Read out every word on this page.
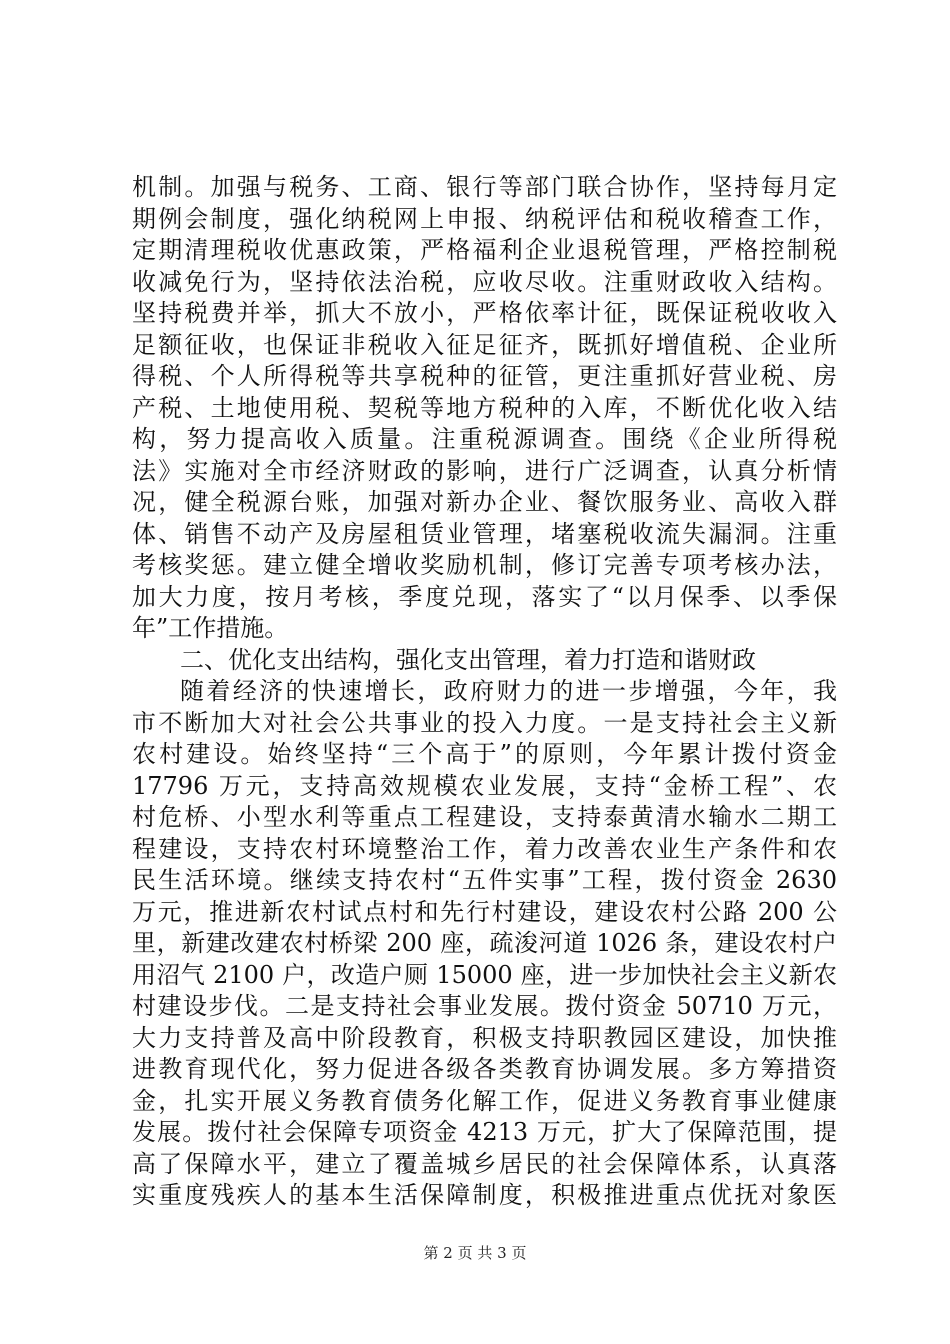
机制。加强与税务、工商、银行等部门联合协作，坚持每月定
期例会制度，强化纳税网上申报、纳税评估和税收稽查工作，
定期清理税收优惠政策，严格福利企业退税管理，严格控制税
收减免行为，坚持依法治税，应收尽收。注重财政收入结构。
坚持税费并举，抓大不放小，严格依率计征，既保证税收收入
足额征收，也保证非税收入征足征齐，既抓好增值税、企业所
得税、个人所得税等共享税种的征管，更注重抓好营业税、房
产税、土地使用税、契税等地方税种的入库，不断优化收入结
构，努力提高收入质量。注重税源调查。围绕《企业所得税
法》实施对全市经济财政的影响，进行广泛调查，认真分析情
况，健全税源台账，加强对新办企业、餐饮服务业、高收入群
体、销售不动产及房屋租赁业管理，堵塞税收流失漏洞。注重
考核奖惩。建立健全增收奖励机制，修订完善专项考核办法，
加大力度，按月考核，季度兑现，落实了“以月保季、以季保
年”工作措施。
二、优化支出结构，强化支出管理，着力打造和谐财政
随着经济的快速增长，政府财力的进一步增强，今年，我
市不断加大对社会公共事业的投入力度。一是支持社会主义新
农村建设。始终坚持“三个高于”的原则，今年累计拨付资金
17796 万元，支持高效规模农业发展，支持“金桥工程”、农
村危桥、小型水利等重点工程建设，支持泰黄清水输水二期工
程建设，支持农村环境整治工作，着力改善农业生产条件和农
民生活环境。继续支持农村“五件实事”工程，拨付资金 2630
万元，推进新农村试点村和先行村建设，建设农村公路 200 公
里，新建改建农村桥梁 200 座，疏浚河道 1026 条，建设农村户
用沼气 2100 户，改造户厕 15000 座，进一步加快社会主义新农
村建设步伐。二是支持社会事业发展。拨付资金 50710 万元，
大力支持普及高中阶段教育，积极支持职教园区建设，加快推
进教育现代化，努力促进各级各类教育协调发展。多方筹措资
金，扎实开展义务教育债务化解工作，促进义务教育事业健康
发展。拨付社会保障专项资金 4213 万元，扩大了保障范围，提
高了保障水平，建立了覆盖城乡居民的社会保障体系，认真落
实重度残疾人的基本生活保障制度，积极推进重点优抚对象医
第 2 页 共 3 页
